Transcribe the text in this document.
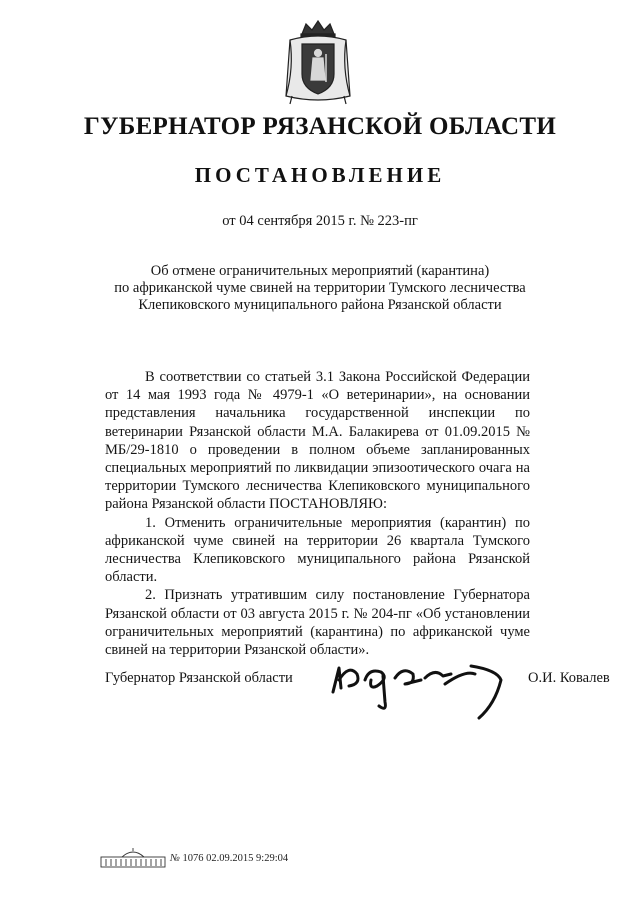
ГУБЕРНАТОР РЯЗАНСКОЙ ОБЛАСТИ
ПОСТАНОВЛЕНИЕ
от 04 сентября 2015 г. № 223-пг
Об отмене ограничительных мероприятий (карантина)
по африканской чуме свиней на территории Тумского лесничества
Клепиковского муниципального района Рязанской области

В соответствии со статьей 3.1 Закона Российской Федерации от 14 мая 1993 года № 4979-1 «О ветеринарии», на основании представления начальника государственной инспекции по ветеринарии Рязанской области М.А. Балакирева от 01.09.2015 № МБ/29-1810 о проведении в полном объеме запланированных специальных мероприятий по ликвидации эпизоотического очага на территории Тумского лесничества Клепиковского муниципального района Рязанской области ПОСТАНОВЛЯЮ:

1. Отменить ограничительные мероприятия (карантин) по африканской чуме свиней на территории 26 квартала Тумского лесничества Клепиковского муниципального района Рязанской области.

2. Признать утратившим силу постановление Губернатора Рязанской области от 03 августа 2015 г. № 204-пг «Об установлении ограничительных мероприятий (карантина) по африканской чуме свиней на территории Рязанской области».

Губернатор Рязанской области	О.И. Ковалев
№ 1076 02.09.2015 9:29:04
